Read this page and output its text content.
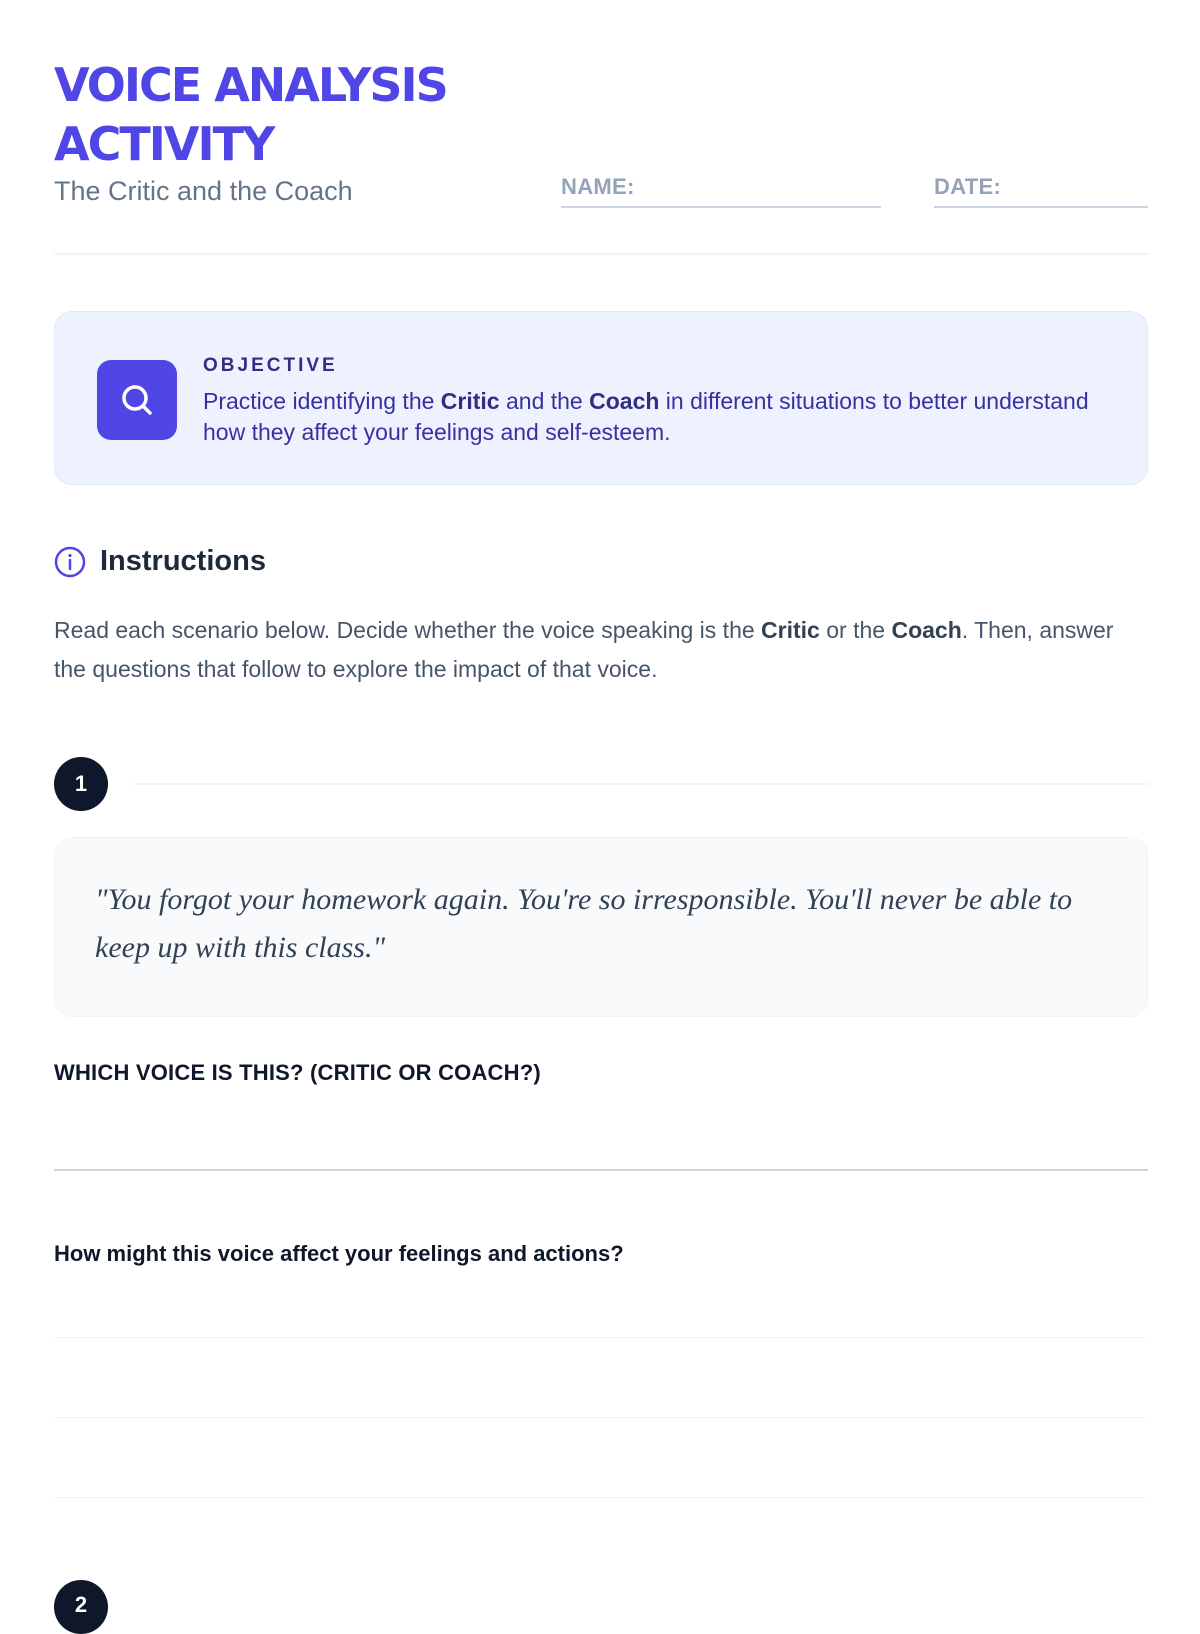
VOICE ANALYSIS ACTIVITY
The Critic and the Coach	NAME:	DATE:
OBJECTIVE
Practice identifying the Critic and the Coach in different situations to better understand how they affect your feelings and self-esteem.
Instructions

Read each scenario below. Decide whether the voice speaking is the Critic or the Coach. Then, answer the questions that follow to explore the impact of that voice.

1

"You forgot your homework again. You're so irresponsible. You'll never be able to keep up with this class."

WHICH VOICE IS THIS? (CRITIC OR COACH?)
How might this voice affect your feelings and actions?
2
